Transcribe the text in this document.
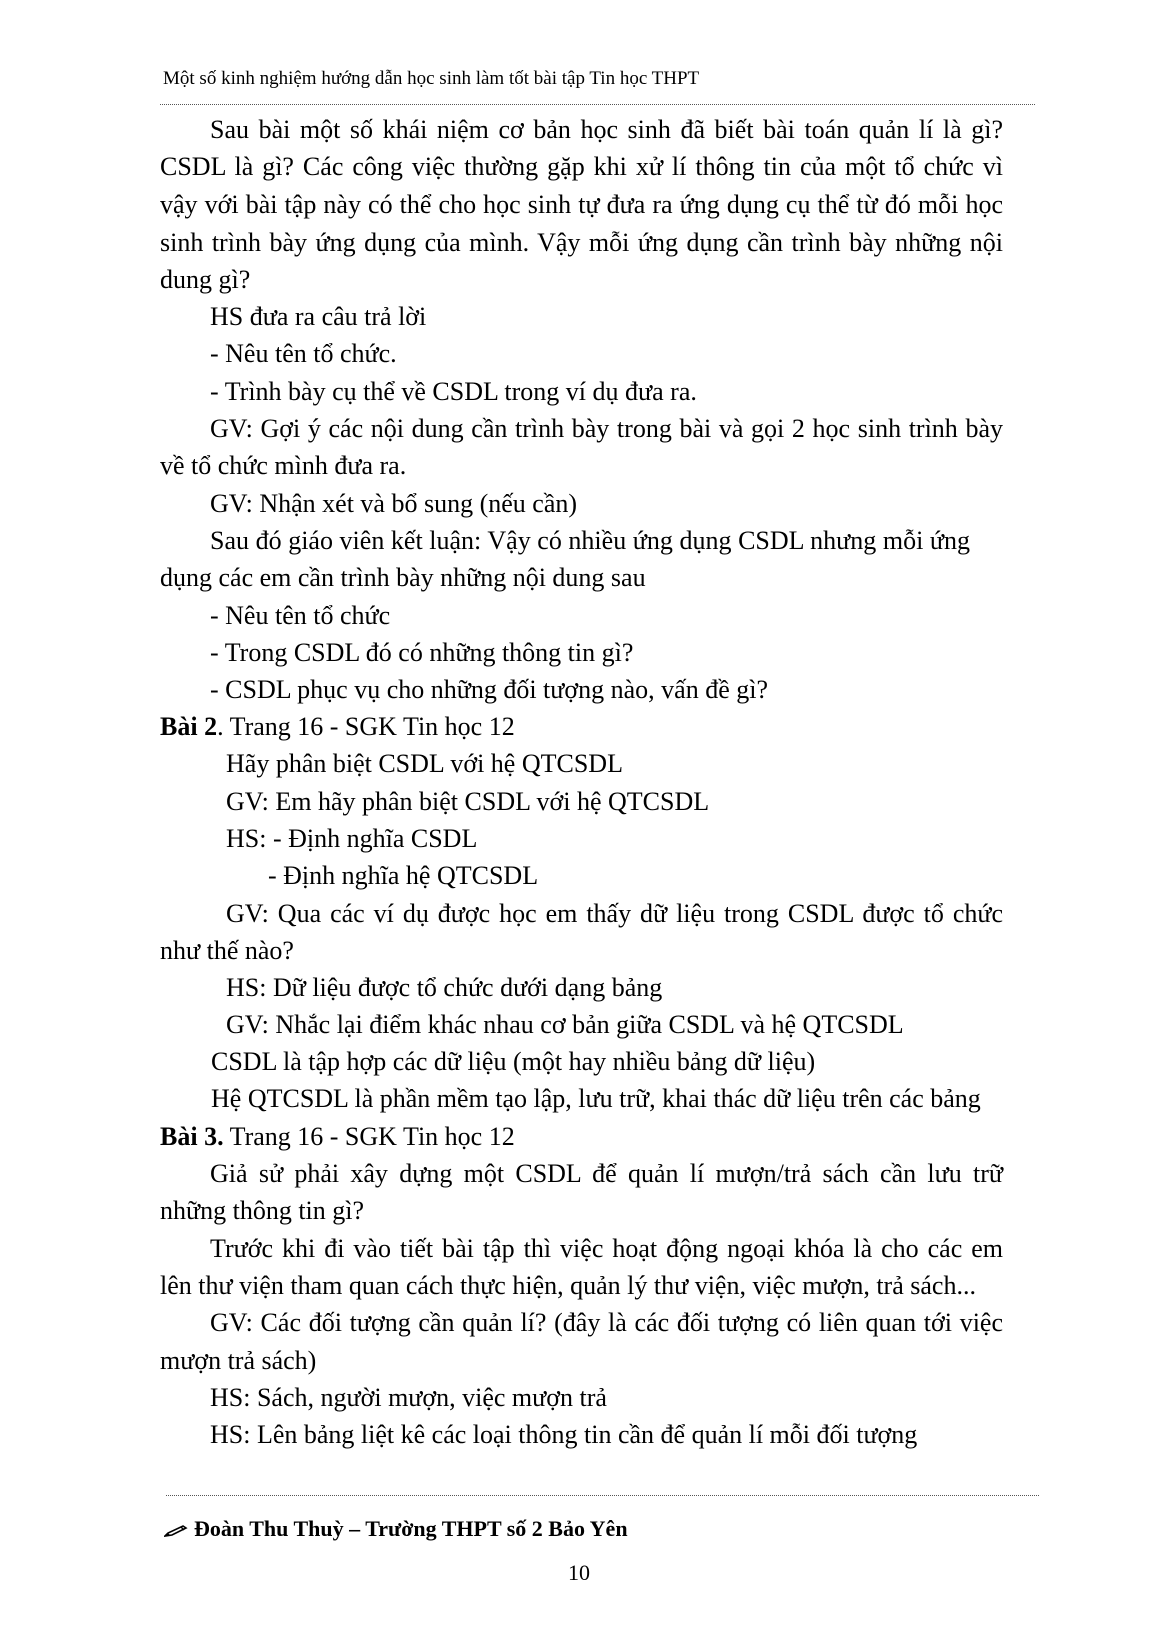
Một số kinh nghiệm hướng dẫn học sinh làm tốt bài tập Tin học THPT
Sau bài một số khái niệm cơ bản học sinh đã biết bài toán quản lí là gì?
CSDL là gì? Các công việc thường gặp khi xử lí thông tin của một tổ chức vì
vậy với bài tập này có thể cho học sinh tự đưa ra ứng dụng cụ thể từ đó mỗi học
sinh trình bày ứng dụng của mình. Vậy mỗi ứng dụng cần trình bày những nội
dung gì?
HS đưa ra câu trả lời
- Nêu tên tổ chức.
- Trình bày cụ thể về CSDL trong ví dụ đưa ra.
GV: Gợi ý các nội dung cần trình bày trong bài và gọi 2 học sinh trình bày
về tổ chức mình đưa ra.
GV: Nhận xét và bổ sung (nếu cần)
Sau đó giáo viên kết luận: Vậy có nhiều ứng dụng CSDL nhưng mỗi ứng
dụng các em cần trình bày những nội dung sau
- Nêu tên tổ chức
- Trong CSDL đó có những thông tin gì?
- CSDL phục vụ cho những đối tượng nào, vấn đề gì?
Bài 2. Trang 16 - SGK Tin học 12
Hãy phân biệt CSDL với hệ QTCSDL
GV: Em hãy phân biệt CSDL với hệ QTCSDL
HS: - Định nghĩa CSDL
- Định nghĩa hệ QTCSDL
GV: Qua các ví dụ được học em thấy dữ liệu trong CSDL được tổ chức
như thế nào?
HS: Dữ liệu được tổ chức dưới dạng bảng
GV: Nhắc lại điểm khác nhau cơ bản giữa CSDL và hệ QTCSDL
CSDL là tập hợp các dữ liệu (một hay nhiều bảng dữ liệu)
Hệ QTCSDL là phần mềm tạo lập, lưu trữ, khai thác dữ liệu trên các bảng
Bài 3. Trang 16 - SGK Tin học 12
Giả sử phải xây dựng một CSDL để quản lí mượn/trả sách cần lưu trữ
những thông tin gì?
Trước khi đi vào tiết bài tập thì việc hoạt động ngoại khóa là cho các em
lên thư viện tham quan cách thực hiện, quản lý thư viện, việc mượn, trả sách...
GV: Các đối tượng cần quản lí? (đây là các đối tượng có liên quan tới việc
mượn trả sách)
HS: Sách, người mượn, việc mượn trả
HS: Lên bảng liệt kê các loại thông tin cần để quản lí mỗi đối tượng
Đoàn Thu Thuỳ – Trường THPT số 2 Bảo Yên
10
